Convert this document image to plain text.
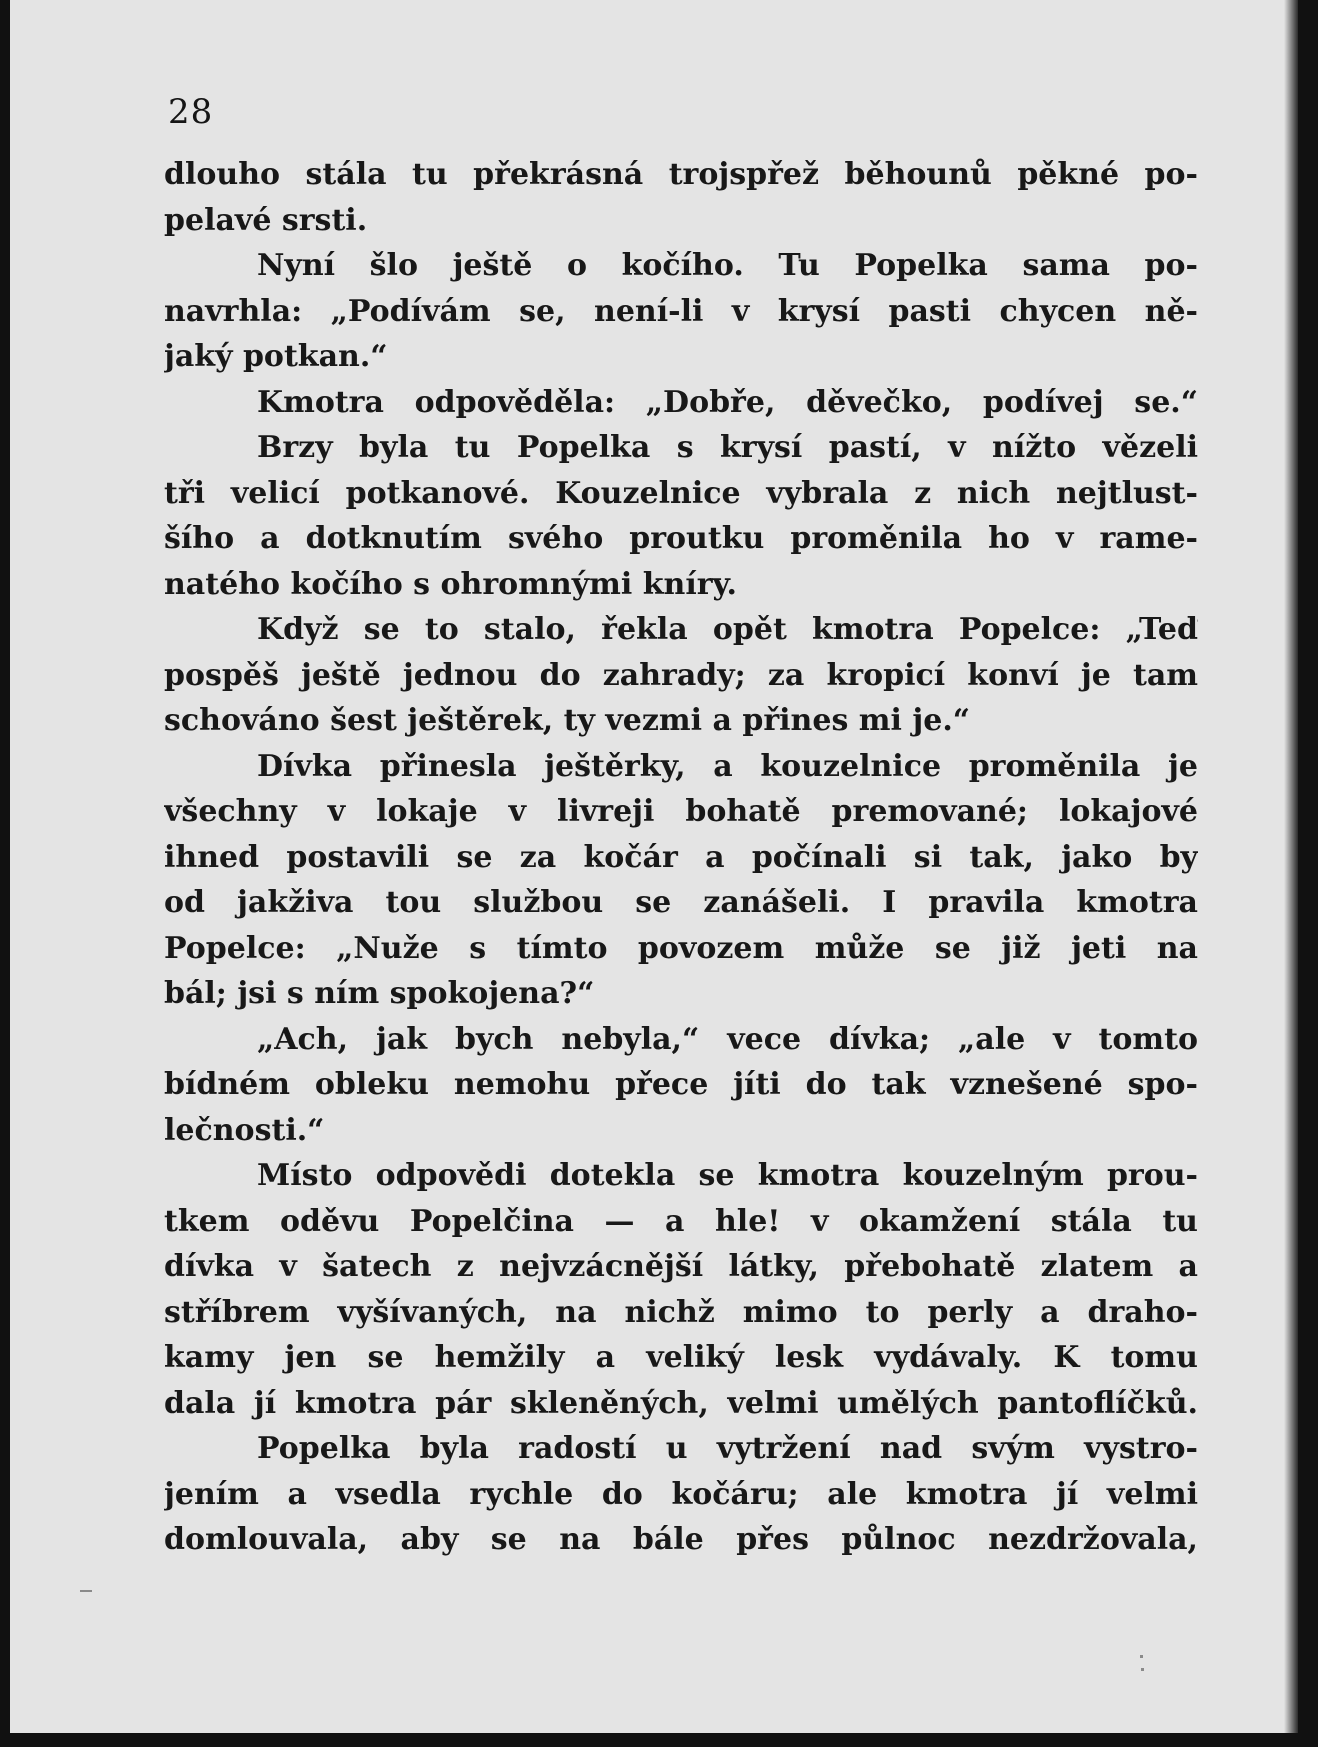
28
dlouho stála tu překrásná trojspřež běhounů pěkné po-
pelavé srsti.
Nyní šlo ještě o kočího. Tu Popelka sama po-
navrhla: „Podívám se, není-li v krysí pasti chycen ně-
jaký potkan.“
Kmotra odpověděla: „Dobře, děvečko, podívej se.“
Brzy byla tu Popelka s krysí pastí, v nížto vězeli
tři velicí potkanové. Kouzelnice vybrala z nich nejtlust-
šího a dotknutím svého proutku proměnila ho v rame-
natého kočího s ohromnými kníry.
Když se to stalo, řekla opět kmotra Popelce: „Teď
pospěš ještě jednou do zahrady; za kropicí konví je tam
schováno šest ještěrek, ty vezmi a přines mi je.“
Dívka přinesla ještěrky, a kouzelnice proměnila je
všechny v lokaje v livreji bohatě premované; lokajové
ihned postavili se za kočár a počínali si tak, jako by
od jakživa tou službou se zanášeli. I pravila kmotra
Popelce: „Nuže s tímto povozem může se již jeti na
bál; jsi s ním spokojena?“
„Ach, jak bych nebyla,“ vece dívka; „ale v tomto
bídném obleku nemohu přece jíti do tak vznešené spo-
lečnosti.“
Místo odpovědi dotekla se kmotra kouzelným prou-
tkem oděvu Popelčina — a hle! v okamžení stála tu
dívka v šatech z nejvzácnější látky, přebohatě zlatem a
stříbrem vyšívaných, na nichž mimo to perly a draho-
kamy jen se hemžily a veliký lesk vydávaly. K tomu
dala jí kmotra pár skleněných, velmi umělých pantoflíčků.
Popelka byla radostí u vytržení nad svým vystro-
jením a vsedla rychle do kočáru; ale kmotra jí velmi
domlouvala, aby se na bále přes půlnoc nezdržovala,
